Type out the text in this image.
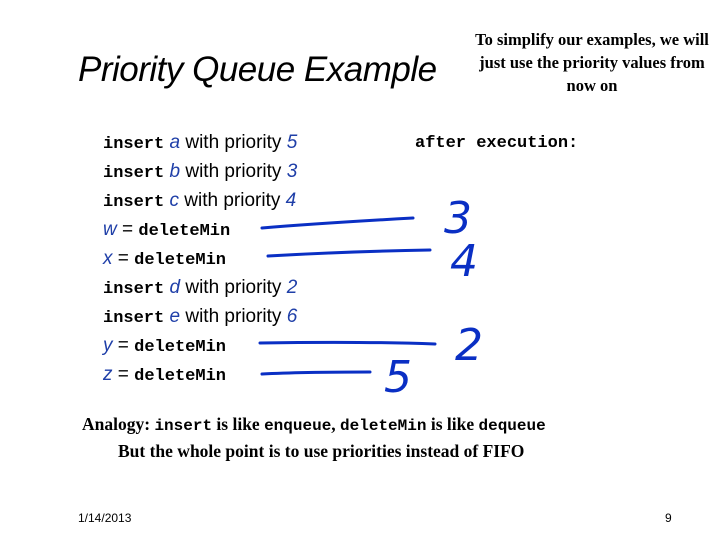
Priority Queue Example
To simplify our examples, we will just use the priority values from now on
insert a with priority 5
insert b with priority 3
insert c with priority 4
w = deleteMin
x = deleteMin
insert d with priority 2
insert e with priority 6
y = deleteMin
z = deleteMin
after execution:
3
4
2
5
Analogy: insert is like enqueue, deleteMin is like dequeue
But the whole point is to use priorities instead of FIFO
1/14/2013	9
